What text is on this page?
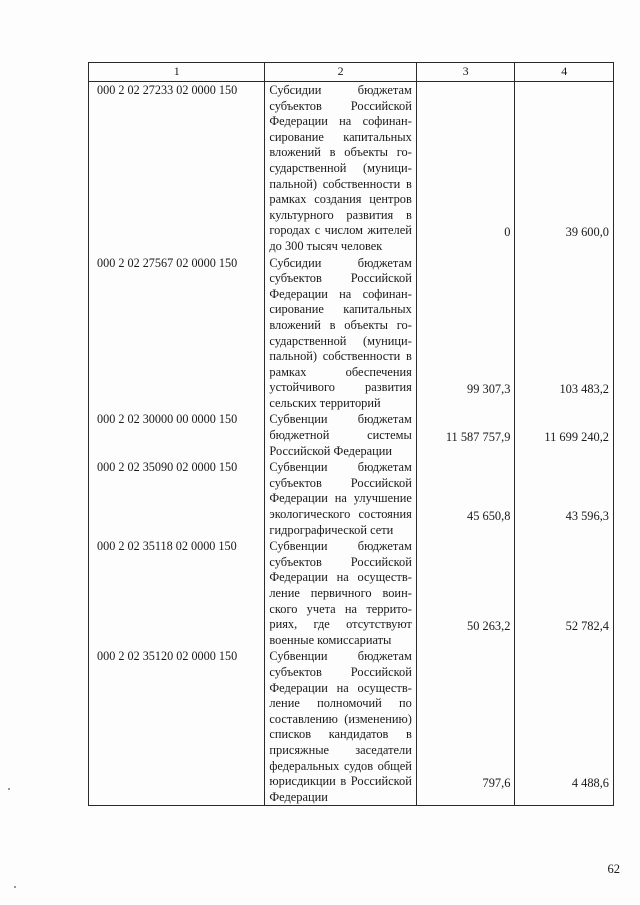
1	2	3	4
000 2 02 27233 02 0000 150	Субсидии бюджетам субъектов Российской Федерации на софинансирование капитальных вложений в объекты государственной (муниципальной) собственности в рамках создания центров культурного развития в городах с числом жителей до 300 тысяч человек	0	39 600,0
000 2 02 27567 02 0000 150	Субсидии бюджетам субъектов Российской Федерации на софинансирование капитальных вложений в объекты государственной (муниципальной) собственности в рамках обеспечения устойчивого развития сельских территорий	99 307,3	103 483,2
000 2 02 30000 00 0000 150	Субвенции бюджетам бюджетной системы Российской Федерации	11 587 757,9	11 699 240,2
000 2 02 35090 02 0000 150	Субвенции бюджетам субъектов Российской Федерации на улучшение экологического состояния гидрографической сети	45 650,8	43 596,3
000 2 02 35118 02 0000 150	Субвенции бюджетам субъектов Российской Федерации на осуществление первичного воинского учета на территориях, где отсутствуют военные комиссариаты	50 263,2	52 782,4
000 2 02 35120 02 0000 150	Субвенции бюджетам субъектов Российской Федерации на осуществление полномочий по составлению (изменению) списков кандидатов в присяжные заседатели федеральных судов общей юрисдикции в Российской Федерации	797,6	4 488,6
62
